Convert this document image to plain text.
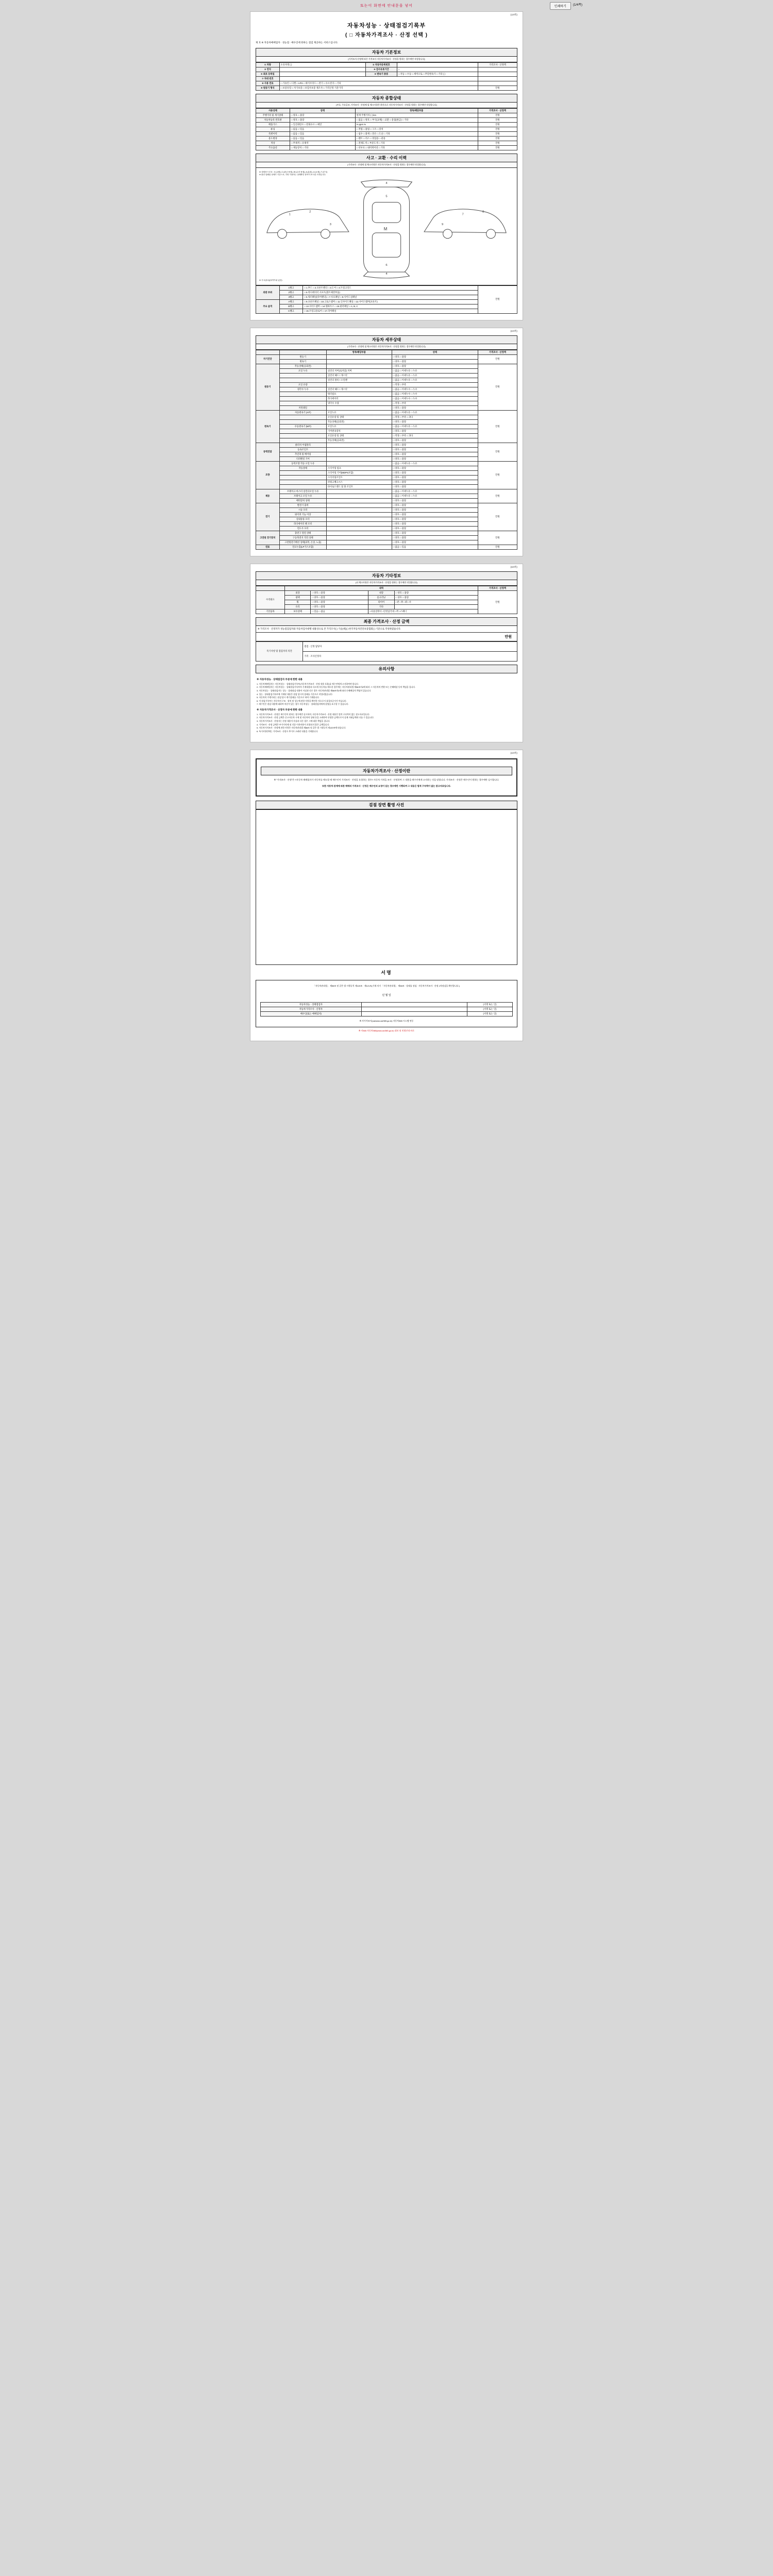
또는이 화면에 안내문을 넣어	인쇄하기	(1/4쪽)
(1/4쪽)
자동차성능 · 상태점검기록부
( □ 자동차가격조사 · 산정 선택 )
제 호 ※ 자동차매매업자 · 성능점 · 매수인에 한하는 점검 제공하는 서비스입니다.
자동차 기본정보
[가격조사·산정에 따른 가격조사 자동차가격조사 · 산정을 원하는 경우에만 작성합니다]
① 차량	소유자명 ( )	② 자동차등록번호		가격조사 · 산정액
③ 연식		④ 검사유효기간	~	
⑤ 최초 등록일		⑥ 변속기 종류	□ 자동 □ 수동 □ 세미오토 □ 무단변속기 □ 기타 ( )	
⑦ 차대 번호				
⑧ 사용 연료	□ 가솔린 □ 디젤 □ LPG □ 하이브리드 □ 전기 □ 수소전지 □ 기타			
⑨ 원동기 형식	□ 보증유형 □ 자가보증 □ 보험사보증 제조사 □ 가격산정 기준가격			만원
자동차 종합상태
(부호, 주요골조, 가격조사 · 산정에 필 체크사항은 환산으로 자동차가격조사 · 산정을 원하는 경우에만 작성합니다)
사용상태	상태	항목/해당부품	가격조사 · 산정액
주행거리 및 계기상태	□ 양호 □ 불량	현재 주행거리 ( ) km	만원
자동차등록 번호판	□ 양호 □ 불량	□ 없음 □ 양호 □ 부식(교체) □ 교환 □ 용접(판금) □ 기타	만원
배출가스	□ 일산화탄소 □ 탄화수소 □ 매연	% ppm %	만원
튜닝	□ 없음 □ 있음	□ 적법 □ 불법 □ 구조 □ 장치	만원
특별이력	□ 없음 □ 있음	□ 침수 □ 화재 □ 전손 □ 도난 □ 기타	만원
용도변경	□ 없음 □ 있음	□ 렌트 □ 리스 □ 영업용 □ 관용	만원
색상	□ 무채색 □ 유채색	□ 전체도색 □ 부분도색 □ 기타	만원
주요옵션	□ 제동장치 □ 기타	□ 선루프 □ 내비게이션 □ 기타	만원
사고 · 교환 · 수리 이력
(가격조사 · 산정에 필 체크사항은 자동차가격조사 · 산정을 원하는 경우에만 작성합니다)
※ 상태표시 부호 : X (교환), C (판금·용접), W (수리·용접), A (흠집), U (요철), T (부식)
※ 완전 밀폐된 상태가 기준으로, 기타 가용하는 상태확인 항목이 표시된 도면입니다.
M
1
2
3
4
4
5
6
7
8
9
※ 사고(유무)(타격부위 있음)
외판 부위	1랭크	□ 1.후드 □ 2.프론트펜더 □ 3.도어 □ 4.트렁크리드	만원
	2랭크	□ 5.라디에이터 서포트(볼트체결부품)	
	3랭크	□ 6.쿼터패널(리어펜더) □ 7.루프패널 □ 8.사이드실패널	
주요 골격	A랭크	□ 9.프론트패널 □ 10.크로스멤버 □ 11.인사이드패널 □ 12.사이드멤버(프론트)	
	B랭크	□ 13.사이드멤버 □ 14.휠하우스 □ 15.필러패널 □ A, B, C	
	C랭크	□ 16.트렁크플로어 □ 17.리어패널	
(2/4쪽)
자동차 세부상태
(가격조사 · 산정에 필 체크사항은 자동차가격조사 · 산정을 원하는 경우에만 작성합니다)
		항목/해당부품	상태	가격조사 · 산정액
자기진단	원동기		□ 양호 □ 불량	만원
	변속기		□ 양호 □ 불량	
원동기	작동상태(공회전)		□ 양호 □ 불량	만원
	오일 누유	실린더 커버(로커암) 커버	□ 없음 □ 미세누유 □ 누유	
		실린더 헤드 / 개스킷	□ 없음 □ 미세누유 □ 누유	
		실린더 블록 / 오일팬	□ 없음 □ 미세누유 □ 누유	
	오일 유량		□ 적정 □ 부족	
	냉각수 누수	실린더 헤드 / 개스킷	□ 없음 □ 미세누수 □ 누수	
		워터펌프	□ 없음 □ 미세누수 □ 누수	
		라디에이터	□ 없음 □ 미세누수 □ 누수	
		냉각수 수량	□ 적정 □ 부족	
	커먼레일		□ 양호 □ 불량	
변속기	자동변속기 (A/T)	오일누유	□ 없음 □ 미세누유 □ 누유	만원
		오일유량 및 상태	□ 적정 □ 부족 □ 과다	
		작동상태(공회전)	□ 양호 □ 불량	
	수동변속기 (M/T)	오일누유	□ 없음 □ 미세누유 □ 누유	
		기어변속장치	□ 양호 □ 불량	
		오일유량 및 상태	□ 적정 □ 부족 □ 과다	
		작동상태(공회전)	□ 양호 □ 불량	
동력전달	클러치 어셈블리		□ 양호 □ 불량	만원
	등속조인트		□ 양호 □ 불량	
	추진축 및 베어링		□ 양호 □ 불량	
	디퍼렌셜 기어		□ 양호 □ 불량	
조향	동력조향 작동 오일 누유		□ 없음 □ 미세누유 □ 누유	만원
	작동상태	스티어링 펌프	□ 양호 □ 불량	
		스티어링 기어(MDPS포함)	□ 양호 □ 불량	
		스티어링조인트	□ 양호 □ 불량	
		파워크랭크시스	□ 양호 □ 불량	
		타이로드엔드 및 볼 조인트	□ 양호 □ 불량	
제동	브레이크 마스터 실린더오일 누유		□ 없음 □ 미세누유 □ 누유	만원
	브레이크 오일 누유		□ 없음 □ 미세누유 □ 누유	
	배력장치 상태		□ 양호 □ 불량	
전기	발전기 출력		□ 양호 □ 불량	만원
	시동 모터		□ 양호 □ 불량	
	와이퍼 기능 이상		□ 양호 □ 불량	
	실내송풍 모터		□ 양호 □ 불량	
	라디에이터 팬 모터		□ 양호 □ 불량	
	윈도우 모터		□ 양호 □ 불량	
고전원 전기장치	충전구 절연 상태		□ 양호 □ 불량	만원
	구동축전지 격리 상태		□ 양호 □ 불량	
	고전원전기배선 상태(피복, 손상, 노출)		□ 양호 □ 불량	
연료	연료누출(LP가스포함)		□ 없음 □ 있음	만원
(3/4쪽)
자동차 기타정보
(타 체크사항은 자동차가격조사 · 산정을 원하는 경우에만 작성합니다)
	내역				가격조사 · 산정액
수리필요	외장	□ 양호 □ 불량	내장	□ 양호 □ 불량	만원
	광택	□ 양호 □ 불량	룸크리닝	□ 양호 □ 불량	
	휠	□ 양호 □ 불량	타이어	□전 □후 □좌 □우	
	유리	□ 양호 □ 불량	기타		
기본품목	보유상태	□ 있음 □ 없음	□사용설명서 □안전삼각대 □잭 □스패너		
최종 가격조사 · 산정 금액
※ 가격조사 · 산정자가 성능점검업자와 자동차검사대행 내용상으로 본 가격조사( ) 기술(세)( ) 한국자동차진단보증협회( ) 기준으로 작성하였습니다.
만원
특기사항 및 점검자의 의견	점검 · 산정 담당자
가격 · 조사산정자
유의사항
※ 자동차성능 · 상태점검자 부분에 한한 내용

1. 자동차매매업자는 자동차성능 · 상태점검기록부(자동차가격조사 · 산정 내용 포함)를 매수인에게 고지하여야 합니다.

2. 자동차매매업자는 자동차성능 · 상태점검기록부의 기재내용과 다르게 자동차를 매도한 경우에는 자동차관리법 제58조의4에 따라 그 자동차의 반환 또는 손해배상 등의 책임을 집니다.

3. 자동차성능 · 상태점검자는 성능 · 상태점검 내용이 사실과 다른 경우 자동차관리법 제58조의4에 따라 손해배상의 책임이 있습니다.

4. 성능 · 상태점검기록부에 기재된 내용은 점검 당시의 상태를 기준으로 작성되었습니다.

5. 자동차의 주행거리는 점검 당시 계기상태를 기준으로 하여 기재합니다.

6. 이 점검기록부는 자동차의 구조 · 장치 및 성능에 관한 사항을 확인한 것으로서 품질보증서가 아닙니다.

7. 매수인은 점검 내용에 대하여 의문이 있는 경우 자동차성능 · 상태점검자에게 설명을 요구할 수 있습니다.

※ 자동차가격조사 · 산정자 부분에 한한 내용

1. 자동차가격조사 · 산정은 매수인이 원하는 경우에만 실시하며, 자동차가격조사 · 산정 내용은 법적 구속력이 없는 참고자료입니다.

2. 자동차가격조사 · 산정 금액은 중고자동차 시세 및 자동차의 상태 등을 고려하여 산정한 금액으로서 실제 거래금액과 다를 수 있습니다.

3. 자동차가격조사 · 산정자는 산정 내용이 사실과 다른 경우 그에 대한 책임을 집니다.

4. 가격조사 · 산정 금액은 부가가치세 및 각종 이전비용이 포함되지 않은 금액입니다.

5. 자동차가격조사 · 산정에 관한 사항은 자동차관리법 제58조 및 같은 법 시행규칙 제120조에 따릅니다.

6. 특기사항란에는 가격조사 · 산정시 추가로 고려된 내용을 기재합니다.

(4/4쪽)
자동차가격조사 · 산정이란
※ "가격조사 · 산정"은 <자동차 매매업자가 자동차를 매도할 때 매수인이 가격조사 · 산정을 요청하는 경우> 자동차 가격을 조사 · 산정하여 그 내용을 매수인에게 고지하는 것을 말합니다. 가격조사 · 산정은 매수인이 원하는 경우에만 실시합니다.
또한 자동차 관계에 따른 매매의 가격조사 · 산정은 매수인의 요청이 있는 경우에만 시행되며 그 내용은 법적 구속력이 없는 참고자료입니다.
검점 장면 촬영 사진
서명
「자동차관리법」 제58조 및 같은 법 시행규칙 제120조 · 제121조(기재 의거 「자동차관리법」 제58조 · 상태를 점검 · 자동차가격조사 · 산정 1차점검을 확인합니다.)
년 월 일
자동차성능 · 상태점검자		(서명 또는 인)
자동차가격조사 · 산정자		(서명 또는 인)
매수인(또는 매매업자)		(서명 또는 인)
※ 카가격조사(carwww.car365.go.kr) 자동차365 시스템 연동
※ 카365 자동차365(www.car365.go.kr) 정보 및 민원안내 바로
